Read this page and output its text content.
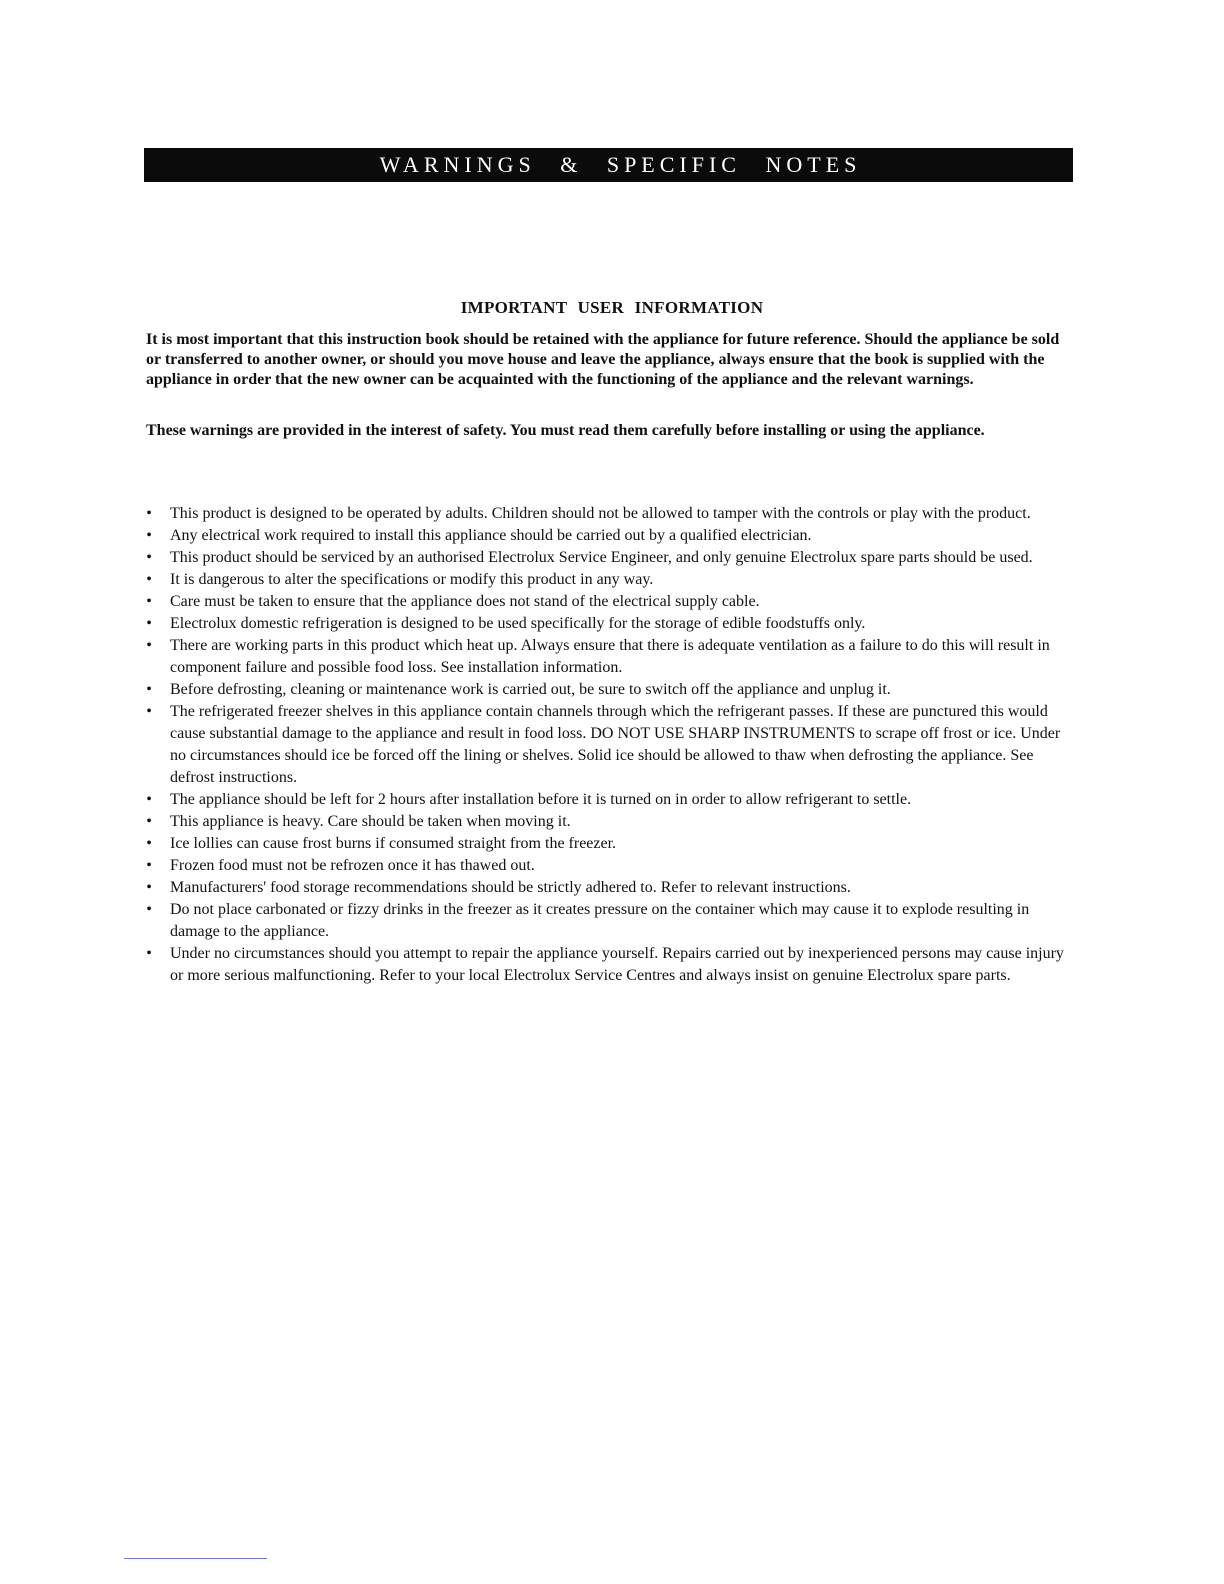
WARNINGS & SPECIFIC NOTES
IMPORTANT USER INFORMATION

It is most important that this instruction book should be retained with the appliance for future reference. Should the appliance be sold or transferred to another owner, or should you move house and leave the appliance, always ensure that the book is supplied with the appliance in order that the new owner can be acquainted with the functioning of the appliance and the relevant warnings.

These warnings are provided in the interest of safety. You must read them carefully before installing or using the appliance.

• This product is designed to be operated by adults. Children should not be allowed to tamper with the controls or play with the product.
• Any electrical work required to install this appliance should be carried out by a qualified electrician.
• This product should be serviced by an authorised Electrolux Service Engineer, and only genuine Electrolux spare parts should be used.
• It is dangerous to alter the specifications or modify this product in any way.
• Care must be taken to ensure that the appliance does not stand of the electrical supply cable.
• Electrolux domestic refrigeration is designed to be used specifically for the storage of edible foodstuffs only.
• There are working parts in this product which heat up. Always ensure that there is adequate ventilation as a failure to do this will result in component failure and possible food loss. See installation information.
• Before defrosting, cleaning or maintenance work is carried out, be sure to switch off the appliance and unplug it.
• The refrigerated freezer shelves in this appliance contain channels through which the refrigerant passes. If these are punctured this would cause substantial damage to the appliance and result in food loss. DO NOT USE SHARP INSTRUMENTS to scrape off frost or ice. Under no circumstances should ice be forced off the lining or shelves. Solid ice should be allowed to thaw when defrosting the appliance. See defrost instructions.
• The appliance should be left for 2 hours after installation before it is turned on in order to allow refrigerant to settle.
• This appliance is heavy. Care should be taken when moving it.
• Ice lollies can cause frost burns if consumed straight from the freezer.
• Frozen food must not be refrozen once it has thawed out.
• Manufacturers' food storage recommendations should be strictly adhered to. Refer to relevant instructions.
• Do not place carbonated or fizzy drinks in the freezer as it creates pressure on the container which may cause it to explode resulting in damage to the appliance.
• Under no circumstances should you attempt to repair the appliance yourself. Repairs carried out by inexperienced persons may cause injury or more serious malfunctioning. Refer to your local Electrolux Service Centres and always insist on genuine Electrolux spare parts.
